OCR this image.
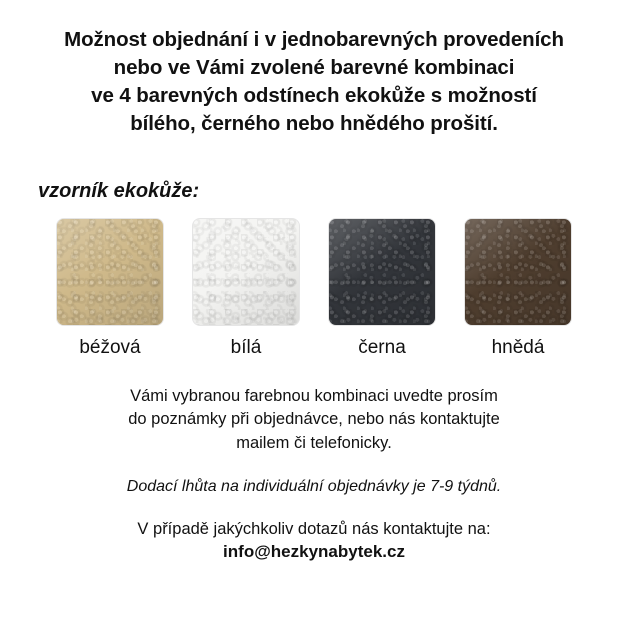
Možnost objednání i v jednobarevných provedeních
nebo ve Vámi zvolené barevné kombinaci
ve 4 barevných odstínech ekokůže s možností
bílého, černého nebo hnědého prošití.
vzorník ekokůže:
béžová	bílá	černa	hnědá
Vámi vybranou farebnou kombinaci uvedte prosím
do poznámky při objednávce, nebo nás kontaktujte
mailem či telefonicky.
Dodací lhůta na individuální objednávky je 7-9 týdnů.
V případě jakýchkoliv dotazů nás kontaktujte na:
info@hezkynabytek.cz
